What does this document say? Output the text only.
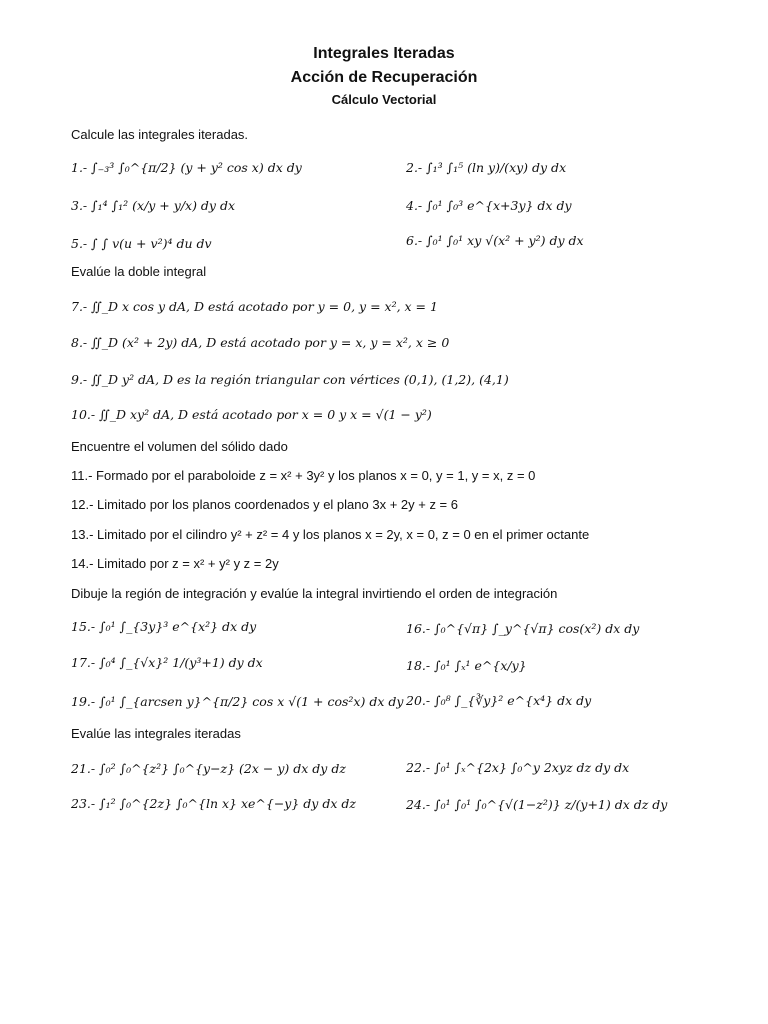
Integrales Iteradas
Acción de Recuperación
Cálculo Vectorial
Calcule las integrales iteradas.
1.- ∫₋₃³ ∫₀^{π/2} (y + y² cos x) dx dy	2.- ∫₁³ ∫₁⁵ (ln y)/(xy) dy dx
3.- ∫₁⁴ ∫₁² (x/y + y/x) dy dx	4.- ∫₀¹ ∫₀³ e^{x+3y} dx dy
5.- ∫ ∫ v(u + v²)⁴ du dv	6.- ∫₀¹ ∫₀¹ xy √(x² + y²) dy dx
Evalúe la doble integral
7.- ∬_D x cos y dA, D está acotado por y = 0, y = x², x = 1
8.- ∬_D (x² + 2y) dA, D está acotado por y = x, y = x², x ≥ 0
9.- ∬_D y² dA, D es la región triangular con vértices (0,1), (1,2), (4,1)
10.- ∬_D xy² dA, D está acotado por x = 0 y x = √(1 − y²)
Encuentre el volumen del sólido dado
11.- Formado por el paraboloide z = x² + 3y² y los planos x = 0, y = 1, y = x, z = 0
12.- Limitado por los planos coordenados y el plano 3x + 2y + z = 6
13.- Limitado por el cilindro y² + z² = 4 y los planos x = 2y, x = 0, z = 0 en el primer octante
14.- Limitado por z = x² + y² y z = 2y
Dibuje la región de integración y evalúe la integral invirtiendo el orden de integración
15.- ∫₀¹ ∫_{3y}³ e^{x²} dx dy	16.- ∫₀^{√π} ∫_y^{√π} cos(x²) dx dy
17.- ∫₀⁴ ∫_{√x}² 1/(y³+1) dy dx	18.- ∫₀¹ ∫ₓ¹ e^{x/y}
19.- ∫₀¹ ∫_{arcsen y}^{π/2} cos x √(1 + cos²x) dx dy 20.- ∫₀⁸ ∫_{∛y}² e^{x⁴} dx dy
Evalúe las integrales iteradas
21.- ∫₀² ∫₀^{z²} ∫₀^{y−z} (2x − y) dx dy dz	22.- ∫₀¹ ∫ₓ^{2x} ∫₀^y 2xyz dz dy dx
23.- ∫₁² ∫₀^{2z} ∫₀^{ln x} xe^{−y} dy dx dz	24.- ∫₀¹ ∫₀¹ ∫₀^{√(1−z²)} z/(y+1) dx dz dy
